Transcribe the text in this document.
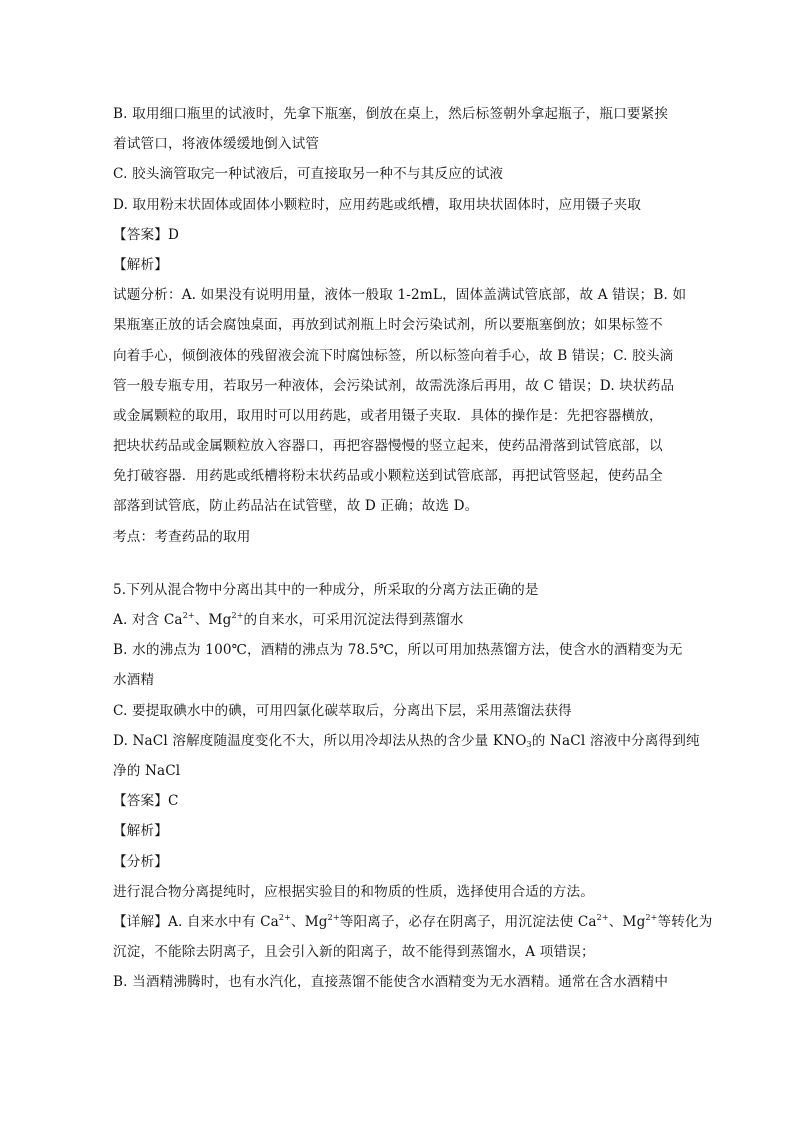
B. 取用细口瓶里的试液时，先拿下瓶塞，倒放在桌上，然后标签朝外拿起瓶子，瓶口要紧挨
着试管口，将液体缓缓地倒入试管
C. 胶头滴管取完一种试液后，可直接取另一种不与其反应的试液
D. 取用粉末状固体或固体小颗粒时，应用药匙或纸槽，取用块状固体时，应用镊子夹取
【答案】D
【解析】
试题分析：A. 如果没有说明用量，液体一般取 1-2mL，固体盖满试管底部，故 A 错误；B. 如
果瓶塞正放的话会腐蚀桌面，再放到试剂瓶上时会污染试剂，所以要瓶塞倒放；如果标签不
向着手心，倾倒液体的残留液会流下时腐蚀标签，所以标签向着手心，故 B 错误；C. 胶头滴
管一般专瓶专用，若取另一种液体，会污染试剂，故需洗涤后再用，故 C 错误；D. 块状药品
或金属颗粒的取用，取用时可以用药匙，或者用镊子夹取．具体的操作是：先把容器横放，
把块状药品或金属颗粒放入容器口，再把容器慢慢的竖立起来，使药品滑落到试管底部，以
免打破容器．用药匙或纸槽将粉末状药品或小颗粒送到试管底部，再把试管竖起，使药品全
部落到试管底，防止药品沾在试管壁，故 D 正确；故选 D。
考点：考查药品的取用
5.下列从混合物中分离出其中的一种成分，所采取的分离方法正确的是
A. 对含 $Ca^{2+}$、$Mg^{2+}$的自来水，可采用沉淀法得到蒸馏水
B. 水的沸点为 100℃，酒精的沸点为 78.5℃，所以可用加热蒸馏方法，使含水的酒精变为无
水酒精
C. 要提取碘水中的碘，可用四氯化碳萃取后，分离出下层，采用蒸馏法获得
D. NaCl 溶解度随温度变化不大，所以用冷却法从热的含少量 $KNO_3$的 NaCl 溶液中分离得到纯
净的 NaCl
【答案】C
【解析】
【分析】
进行混合物分离提纯时，应根据实验目的和物质的性质，选择使用合适的方法。
【详解】A. 自来水中有 $Ca^{2+}$、$Mg^{2+}$等阳离子，必存在阴离子，用沉淀法使 $Ca^{2+}$、$Mg^{2+}$等转化为
沉淀，不能除去阴离子，且会引入新的阳离子，故不能得到蒸馏水，A 项错误；
B. 当酒精沸腾时，也有水汽化，直接蒸馏不能使含水酒精变为无水酒精。通常在含水酒精中
